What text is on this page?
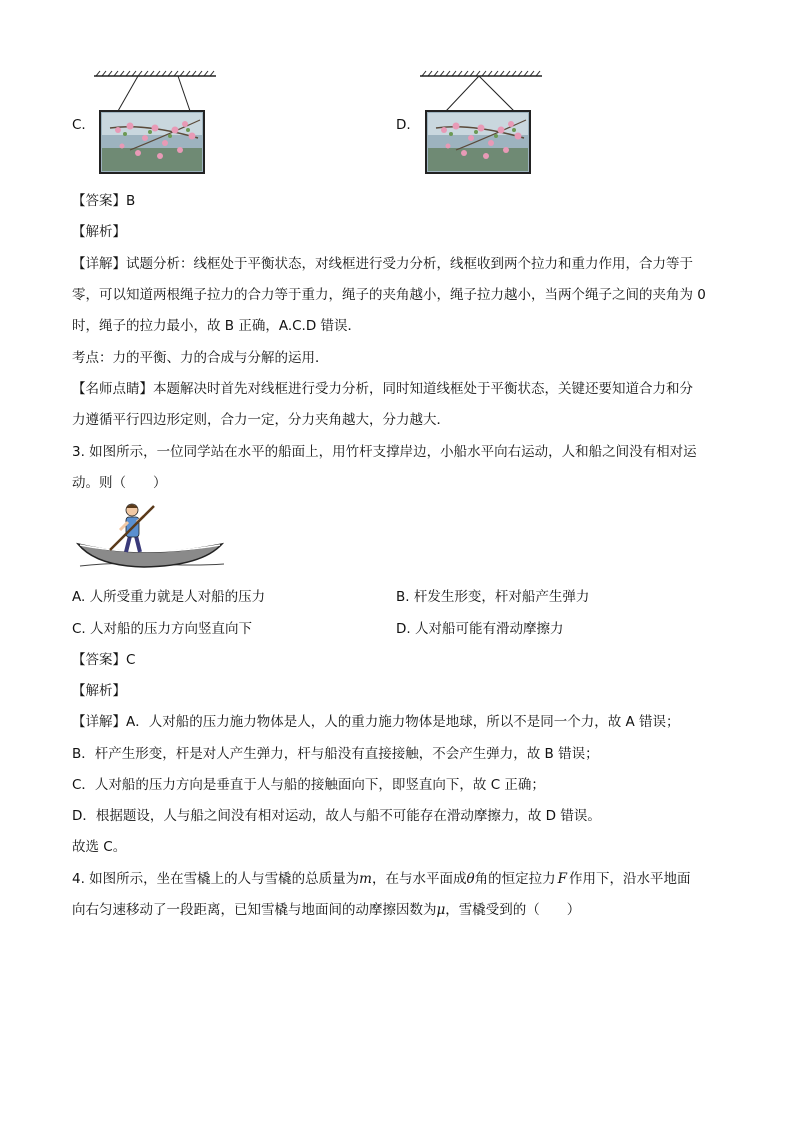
C.	D.
【答案】B
【解析】
【详解】试题分析：线框处于平衡状态，对线框进行受力分析，线框收到两个拉力和重力作用，合力等于
零，可以知道两根绳子拉力的合力等于重力，绳子的夹角越小，绳子拉力越小，当两个绳子之间的夹角为 0
时，绳子的拉力最小，故 B 正确，A.C.D 错误．
考点：力的平衡、力的合成与分解的运用．
【名师点睛】本题解决时首先对线框进行受力分析，同时知道线框处于平衡状态，关键还要知道合力和分
力遵循平行四边形定则，合力一定，分力夹角越大，分力越大．
3. 如图所示，一位同学站在水平的船面上，用竹杆支撑岸边，小船水平向右运动，人和船之间没有相对运
动。则（　　）
A. 人所受重力就是人对船的压力	B. 杆发生形变，杆对船产生弹力
C. 人对船的压力方向竖直向下	D. 人对船可能有滑动摩擦力
【答案】C
【解析】
【详解】A．人对船的压力施力物体是人，人的重力施力物体是地球，所以不是同一个力，故 A 错误；
B．杆产生形变，杆是对人产生弹力，杆与船没有直接接触，不会产生弹力，故 B 错误；
C．人对船的压力方向是垂直于人与船的接触面向下，即竖直向下，故 C 正确；
D．根据题设，人与船之间没有相对运动，故人与船不可能存在滑动摩擦力，故 D 错误。
故选 C。
4. 如图所示，坐在雪橇上的人与雪橇的总质量为m，在与水平面成θ角的恒定拉力 F 作用下，沿水平地面
向右匀速移动了一段距离，已知雪橇与地面间的动摩擦因数为μ，雪橇受到的（　　）
